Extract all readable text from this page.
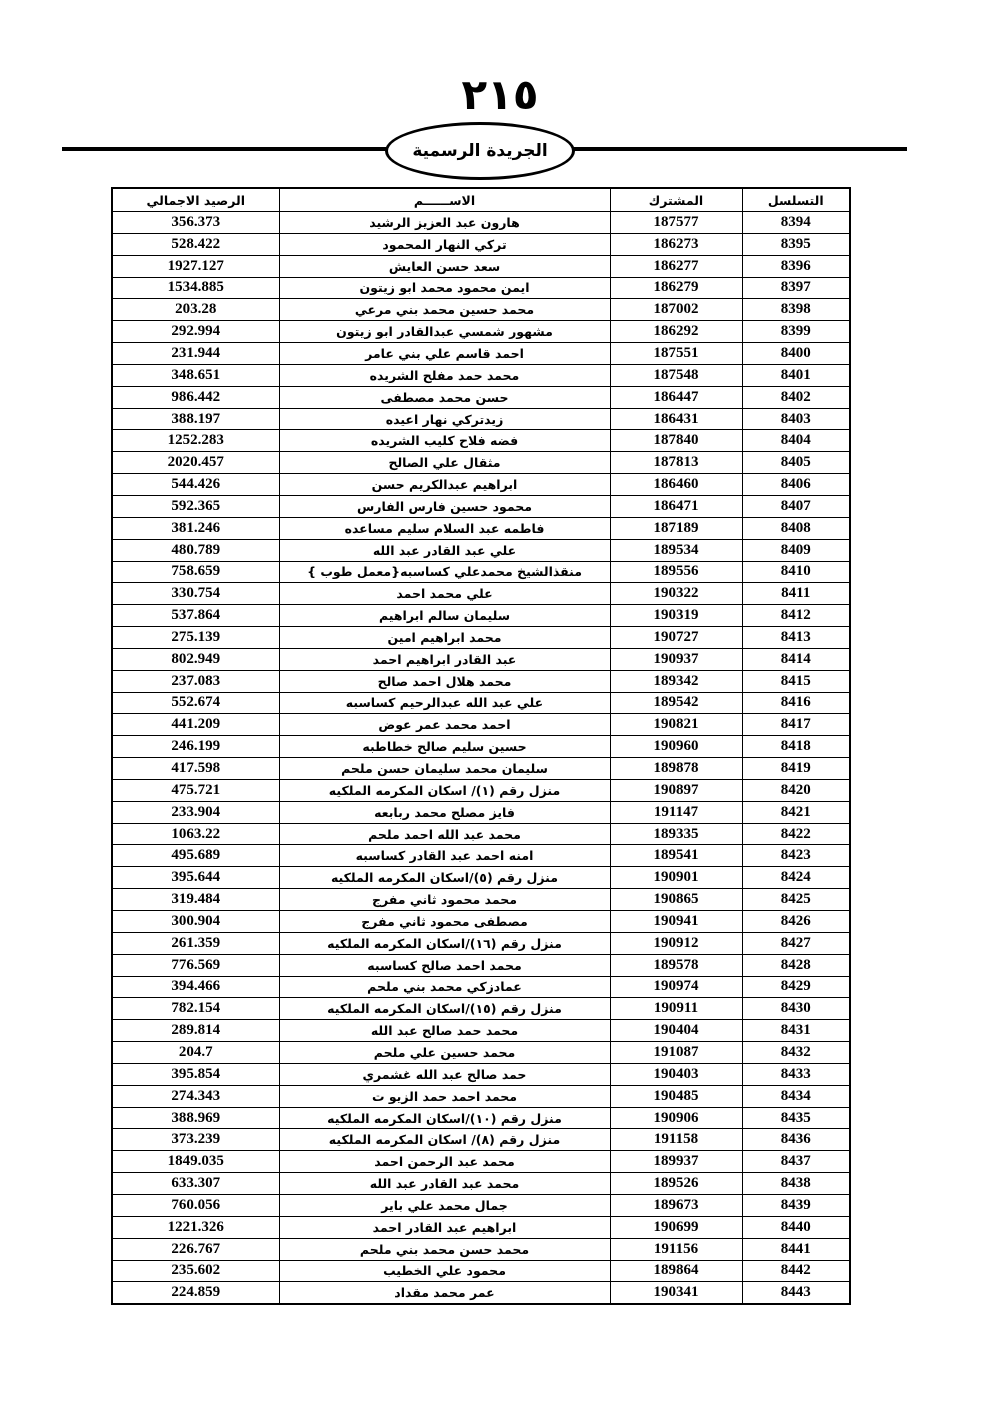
٢١٥
الجريدة الرسمية
الرصيد الاجمالي	الاســــــم	المشترك	التسلسل
356.373	هارون عبد العزيز الرشيد	187577	8394
528.422	تركي النهار المحمود	186273	8395
1927.127	سعد حسن العايش	186277	8396
1534.885	ايمن محمود محمد ابو زيتون	186279	8397
203.28	محمد حسين محمد بني مرعي	187002	8398
292.994	مشهور شمسي عبدالقادر ابو زيتون	186292	8399
231.944	احمد قاسم علي بني عامر	187551	8400
348.651	محمد حمد مفلح الشريده	187548	8401
986.442	حسن محمد مصطفى	186447	8402
388.197	زيدتركي نهار اعيده	186431	8403
1252.283	فضه فلاح كليب الشريده	187840	8404
2020.457	مثقال علي الصالح	187813	8405
544.426	ابراهيم عبدالكريم حسن	186460	8406
592.365	محمود حسين فارس الفارس	186471	8407
381.246	فاطمه عبد السلام سليم مساعده	187189	8408
480.789	علي عبد القادر عبد الله	189534	8409
758.659	منقذالشيخ محمدعلي كساسبه{معمل طوب }	189556	8410
330.754	علي محمد احمد	190322	8411
537.864	سليمان سالم ابراهيم	190319	8412
275.139	محمد ابراهيم امين	190727	8413
802.949	عبد القادر ابراهيم احمد	190937	8414
237.083	محمد هلال احمد صالح	189342	8415
552.674	علي عبد الله عبدالرحيم كساسبه	189542	8416
441.209	احمد محمد عمر عوض	190821	8417
246.199	حسين سليم صالح خطاطبه	190960	8418
417.598	سليمان محمد سليمان حسن ملحم	189878	8419
475.721	منزل رقم (١)/ اسكان المكرمه الملكيه	190897	8420
233.904	فايز مصلح محمد ربابعه	191147	8421
1063.22	محمد عبد الله احمد ملحم	189335	8422
495.689	امنه احمد عبد القادر كساسبه	189541	8423
395.644	منزل رقم (٥)/اسكان المكرمه الملكيه	190901	8424
319.484	محمد محمود ثاني مفرج	190865	8425
300.904	مصطفى محمود ثاني مفرج	190941	8426
261.359	منزل رقم (١٦)/اسكان المكرمه الملكيه	190912	8427
776.569	محمد احمد صالح كساسبه	189578	8428
394.466	عمادزكي محمد بني ملحم	190974	8429
782.154	منزل رقم (١٥)/اسكان المكرمه الملكيه	190911	8430
289.814	محمد حمد صالح عبد الله	190404	8431
204.7	محمد حسين علي ملحم	191087	8432
395.854	حمد صالح عبد الله غشمري	190403	8433
274.343	محمد احمد حمد الزيو ت	190485	8434
388.969	منزل رقم (١٠)/اسكان المكرمه الملكيه	190906	8435
373.239	منزل رقم (٨)/ اسكان المكرمه الملكيه	191158	8436
1849.035	محمد عبد الرحمن احمد	189937	8437
633.307	محمد عبد القادر عبد الله	189526	8438
760.056	جمال محمد علي باير	189673	8439
1221.326	ابراهيم عبد القادر احمد	190699	8440
226.767	محمد حسن محمد بني ملحم	191156	8441
235.602	محمود علي الخطيب	189864	8442
224.859	عمر محمد مقداد	190341	8443
